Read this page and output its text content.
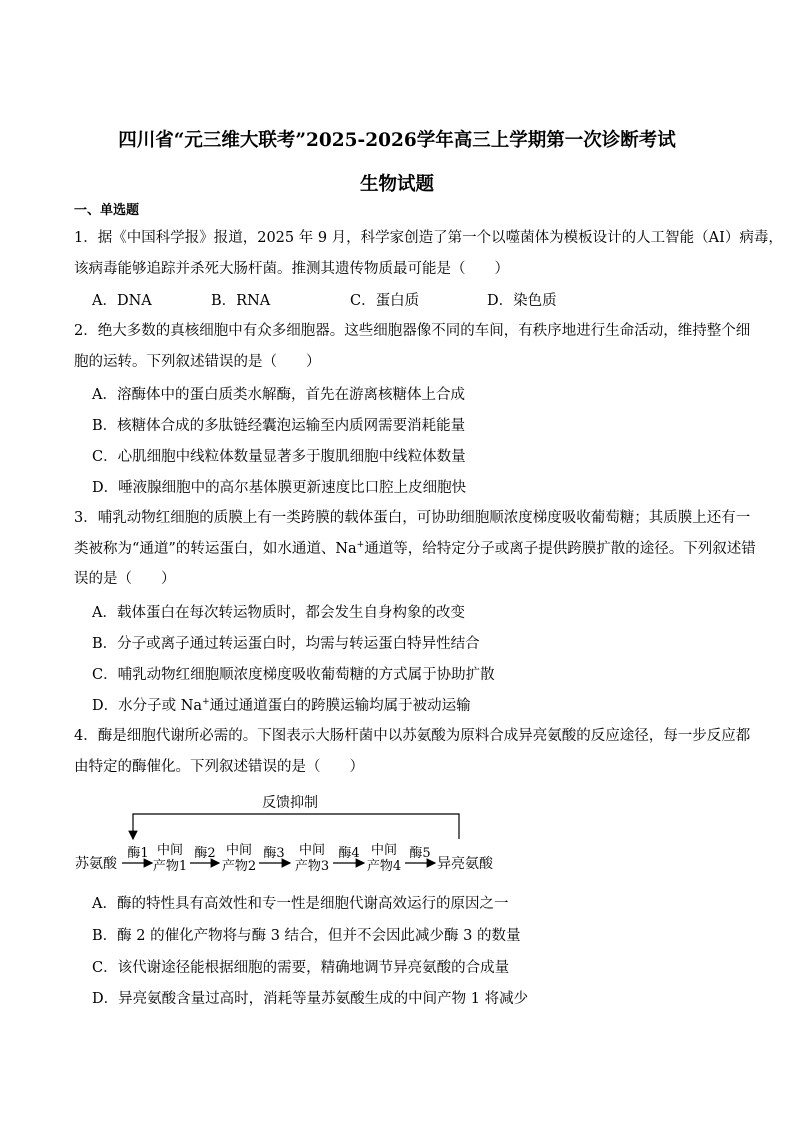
四川省“元三维大联考”2025-2026学年高三上学期第一次诊断考试
生物试题
一、单选题
1．据《中国科学报》报道，2025 年 9 月，科学家创造了第一个以噬菌体为模板设计的人工智能（AI）病毒，
该病毒能够追踪并杀死大肠杆菌。推测其遗传物质最可能是（　　）
A．DNA	B．RNA	C．蛋白质	D．染色质
2．绝大多数的真核细胞中有众多细胞器。这些细胞器像不同的车间，有秩序地进行生命活动，维持整个细
胞的运转。下列叙述错误的是（　　）
A．溶酶体中的蛋白质类水解酶，首先在游离核糖体上合成
B．核糖体合成的多肽链经囊泡运输至内质网需要消耗能量
C．心肌细胞中线粒体数量显著多于腹肌细胞中线粒体数量
D．唾液腺细胞中的高尔基体膜更新速度比口腔上皮细胞快
3．哺乳动物红细胞的质膜上有一类跨膜的载体蛋白，可协助细胞顺浓度梯度吸收葡萄糖；其质膜上还有一
类被称为“通道”的转运蛋白，如水通道、Na+通道等，给特定分子或离子提供跨膜扩散的途径。下列叙述错
误的是（　　）
A．载体蛋白在每次转运物质时，都会发生自身构象的改变
B．分子或离子通过转运蛋白时，均需与转运蛋白特异性结合
C．哺乳动物红细胞顺浓度梯度吸收葡萄糖的方式属于协助扩散
D．水分子或 Na+通过通道蛋白的跨膜运输均属于被动运输
4．酶是细胞代谢所必需的。下图表示大肠杆菌中以苏氨酸为原料合成异亮氨酸的反应途径，每一步反应都
由特定的酶催化。下列叙述错误的是（　　）
反馈抑制
苏氨酸
酶1 中间
产物1
酶2 中间
产物2
酶3 中间
产物3
酶4 中间
产物4
酶5
异亮氨酸
A．酶的特性具有高效性和专一性是细胞代谢高效运行的原因之一
B．酶 2 的催化产物将与酶 3 结合，但并不会因此减少酶 3 的数量
C．该代谢途径能根据细胞的需要，精确地调节异亮氨酸的合成量
D．异亮氨酸含量过高时，消耗等量苏氨酸生成的中间产物 1 将减少
